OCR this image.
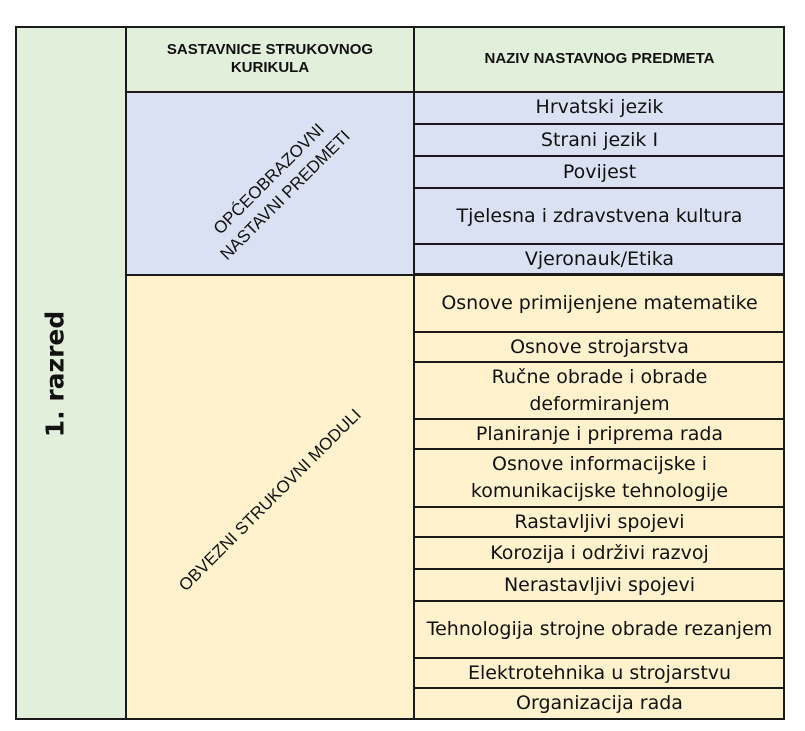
1. razred
SASTAVNICE STRUKOVNOG KURIKULA
NAZIV NASTAVNOG PREDMETA
OPĆEOBRAZOVNI NASTAVNI PREDMETI
OBVEZNI STRUKOVNI MODULI
Hrvatski jezik
Strani jezik I
Povijest
Tjelesna i zdravstvena kultura
Vjeronauk/Etika
Osnove primijenjene matematike
Osnove strojarstva
Ručne obrade i obrade deformiranjem
Planiranje i priprema rada
Osnove informacijske i komunikacijske tehnologije
Rastavljivi spojevi
Korozija i održivi razvoj
Nerastavljivi spojevi
Tehnologija strojne obrade rezanjem
Elektrotehnika u strojarstvu
Organizacija rada
